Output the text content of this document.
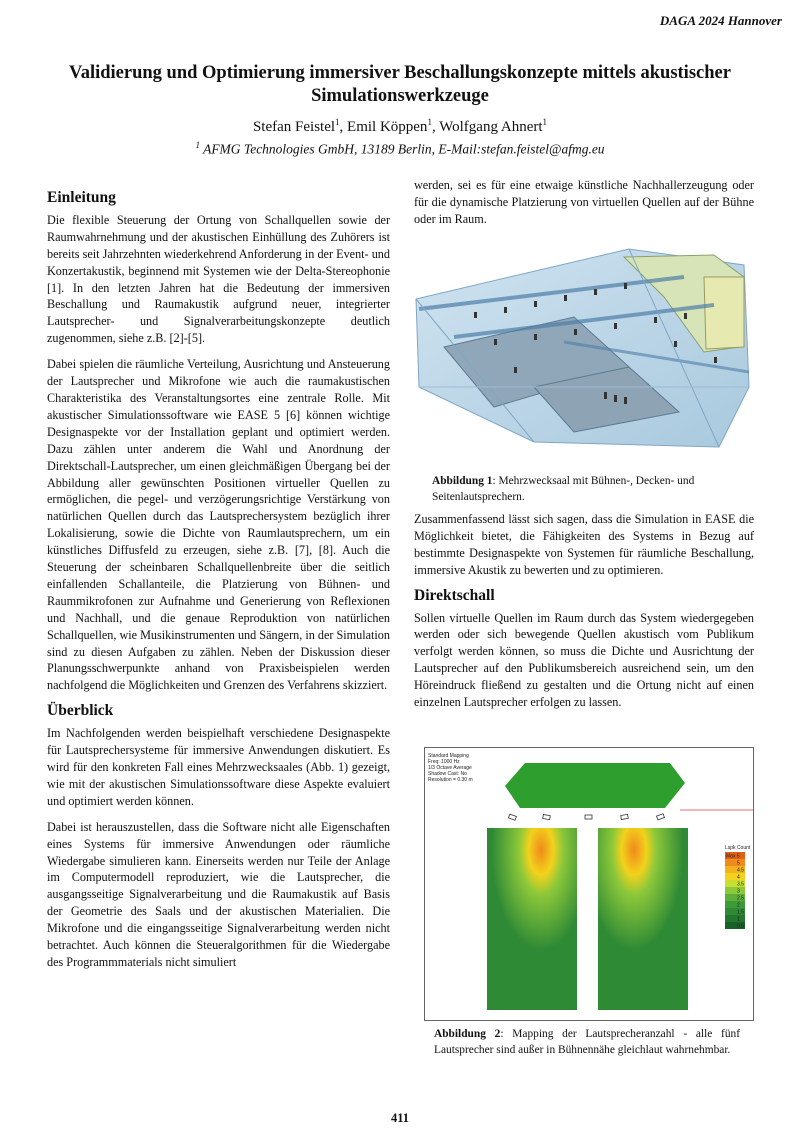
DAGA 2024 Hannover
Validierung und Optimierung immersiver Beschallungskonzepte mittels akustischer Simulationswerkzeuge
Stefan Feistel$^1$, Emil Köppen$^1$, Wolfgang Ahnert$^1$
$^1$ AFMG Technologies GmbH, 13189 Berlin, E-Mail:stefan.feistel@afmg.eu
Einleitung

Die flexible Steuerung der Ortung von Schallquellen sowie der Raumwahrnehmung und der akustischen Einhüllung des Zuhörers ist bereits seit Jahrzehnten wiederkehrend Anforderung in der Event- und Konzertakustik, beginnend mit Systemen wie der Delta-Stereophonie [1]. In den letzten Jahren hat die Bedeutung der immersiven Beschallung und Raumakustik aufgrund neuer, integrierter Lautsprecher- und Signalverarbeitungskonzepte deutlich zugenommen, siehe z.B. [2]-[5].

Dabei spielen die räumliche Verteilung, Ausrichtung und Ansteuerung der Lautsprecher und Mikrofone wie auch die raumakustischen Charakteristika des Veranstaltungsortes eine zentrale Rolle. Mit akustischer Simulationssoftware wie EASE 5 [6] können wichtige Designaspekte vor der Installation geplant und optimiert werden. Dazu zählen unter anderem die Wahl und Anordnung der Direktschall-Lautsprecher, um einen gleichmäßigen Übergang bei der Abbildung aller gewünschten Positionen virtueller Quellen zu ermöglichen, die pegel- und verzögerungsrichtige Verstärkung von natürlichen Quellen durch das Lautsprechersystem bezüglich ihrer Lokalisierung, sowie die Dichte von Raumlautsprechern, um ein künstliches Diffusfeld zu erzeugen, siehe z.B. [7], [8]. Auch die Steuerung der scheinbaren Schallquellenbreite über die seitlich einfallenden Schallanteile, die Platzierung von Bühnen- und Raummikrofonen zur Aufnahme und Generierung von Reflexionen und Nachhall, und die genaue Reproduktion von natürlichen Schallquellen, wie Musikinstrumenten und Sängern, in der Simulation sind zu diesen Aufgaben zu zählen. Neben der Diskussion dieser Planungsschwerpunkte anhand von Praxisbeispielen werden nachfolgend die Möglichkeiten und Grenzen des Verfahrens skizziert.

Überblick

Im Nachfolgenden werden beispielhaft verschiedene Designaspekte für Lautsprechersysteme für immersive Anwendungen diskutiert. Es wird für den konkreten Fall eines Mehrzwecksaales (Abb. 1) gezeigt, wie mit der akustischen Simulationssoftware diese Aspekte evaluiert und optimiert werden können.

Dabei ist herauszustellen, dass die Software nicht alle Eigenschaften eines Systems für immersive Anwendungen oder räumliche Wiedergabe simulieren kann. Einerseits werden nur Teile der Anlage im Computermodell reproduziert, wie die Lautsprecher, die ausgangsseitige Signalverarbeitung und die Raumakustik auf Basis der Geometrie des Saals und der akustischen Materialien. Die Mikrofone und die eingangsseitige Signalverarbeitung werden nicht betrachtet. Auch können die Steueralgorithmen für die Wiedergabe des Programmmaterials nicht simuliert

werden, sei es für eine etwaige künstliche Nachhallerzeugung oder für die dynamische Platzierung von virtuellen Quellen auf der Bühne oder im Raum.

Abbildung 1: Mehrzwecksaal mit Bühnen-, Decken- und Seitenlautsprechern.

Zusammenfassend lässt sich sagen, dass die Simulation in EASE die Möglichkeit bietet, die Fähigkeiten des Systems in Bezug auf bestimmte Designaspekte von Systemen für räumliche Beschallung, immersive Akustik zu bewerten und zu optimieren.

Direktschall

Sollen virtuelle Quellen im Raum durch das System wiedergegeben werden oder sich bewegende Quellen akustisch vom Publikum verfolgt werden können, so muss die Dichte und Ausrichtung der Lautsprecher auf den Publikumsbereich ausreichend sein, um den Höreindruck fließend zu gestalten und die Ortung nicht auf einen einzelnen Lautsprecher erfolgen zu lassen.

Standard Mapping
Freq: 1000 Hz
1/3 Octave Average
Shadow Cast: No
Resolution = 0.30 m
Lspk Count
Max 5
5
4.5
4
3.5
3
2.5
2
1.5
1
0.5
Abbildung 2: Mapping der Lautsprecheranzahl - alle fünf Lautsprecher sind außer in Bühnennähe gleichlaut wahrnehmbar.
411
